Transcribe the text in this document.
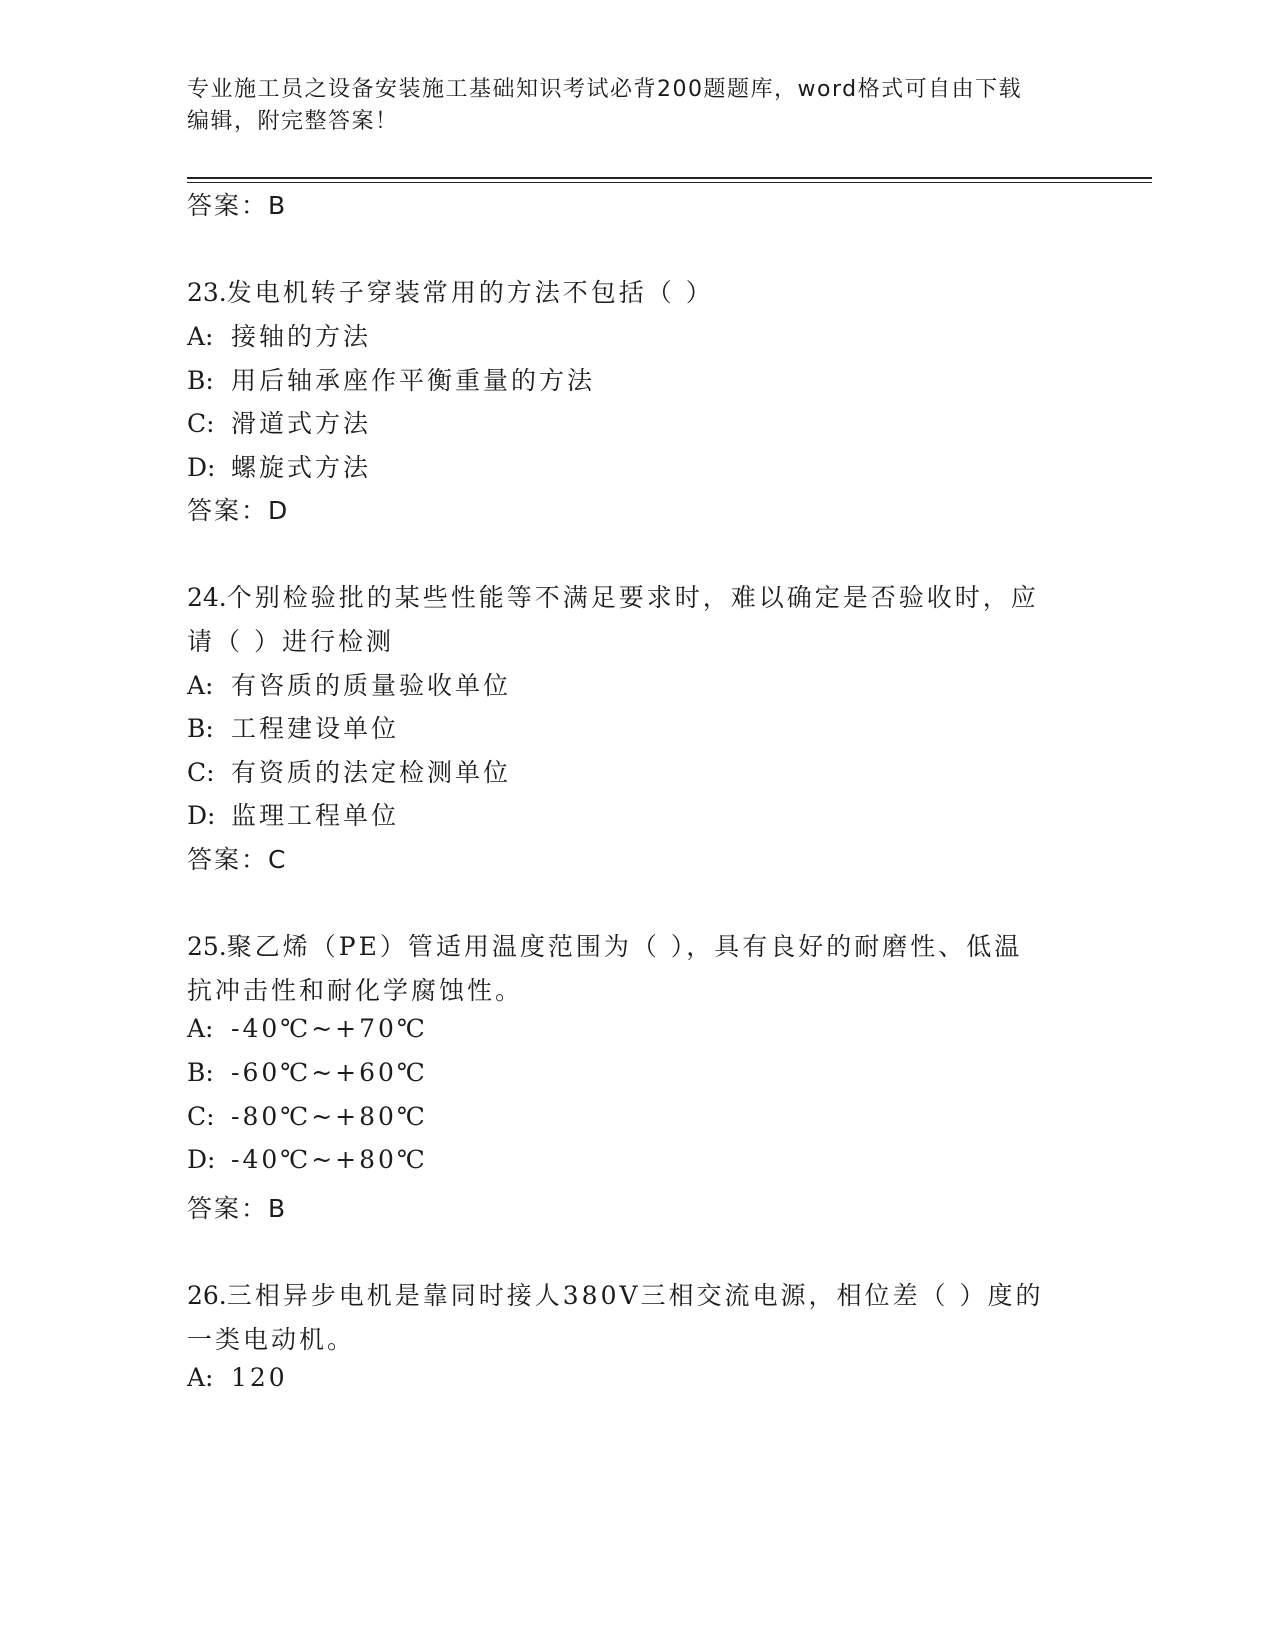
专业施工员之设备安装施工基础知识考试必背200题题库，word格式可自由下载
编辑，附完整答案！
答案：B
23.发电机转子穿装常用的方法不包括（ ）
A: 接轴的方法
B: 用后轴承座作平衡重量的方法
C: 滑道式方法
D: 螺旋式方法
答案：D
24.个别检验批的某些性能等不满足要求时，难以确定是否验收时，应
请（ ）进行检测
A: 有咨质的质量验收单位
B: 工程建设单位
C: 有资质的法定检测单位
D: 监理工程单位
答案：C
25.聚乙烯（PE）管适用温度范围为（ ），具有良好的耐磨性、低温
抗冲击性和耐化学腐蚀性。
A: -40℃~+70℃
B: -60℃~+60℃
C: -80℃~+80℃
D: -40℃~+80℃
答案：B
26.三相异步电机是靠同时接人380V三相交流电源，相位差（ ）度的
一类电动机。
A: 120
